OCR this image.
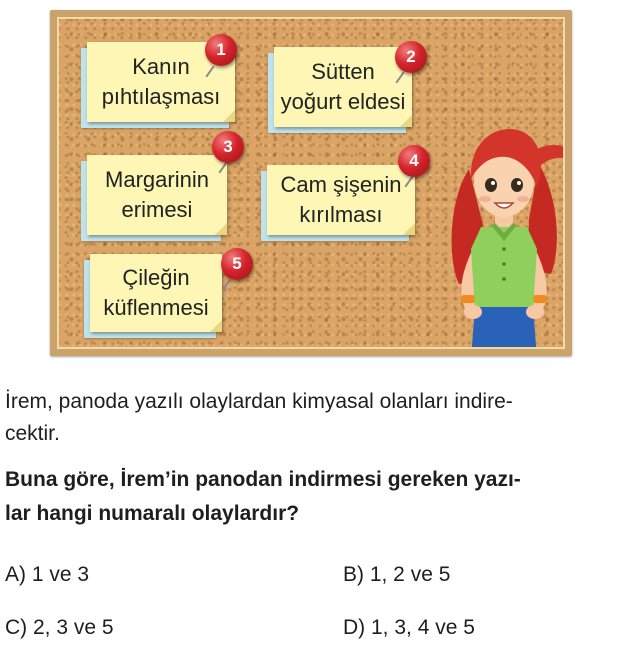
Kanın
pıhtılaşması
1
Sütten
yoğurt eldesi
2
Margarinin
erimesi
3
Cam şişenin
kırılması
4
Çileğin
küflenmesi
5
İrem, panoda yazılı olaylardan kimyasal olanları indire-
cektir.
Buna göre, İrem’in panodan indirmesi gereken yazı-
lar hangi numaralı olaylardır?
A) 1 ve 3	B) 1, 2 ve 5
C) 2, 3 ve 5	D) 1, 3, 4 ve 5
